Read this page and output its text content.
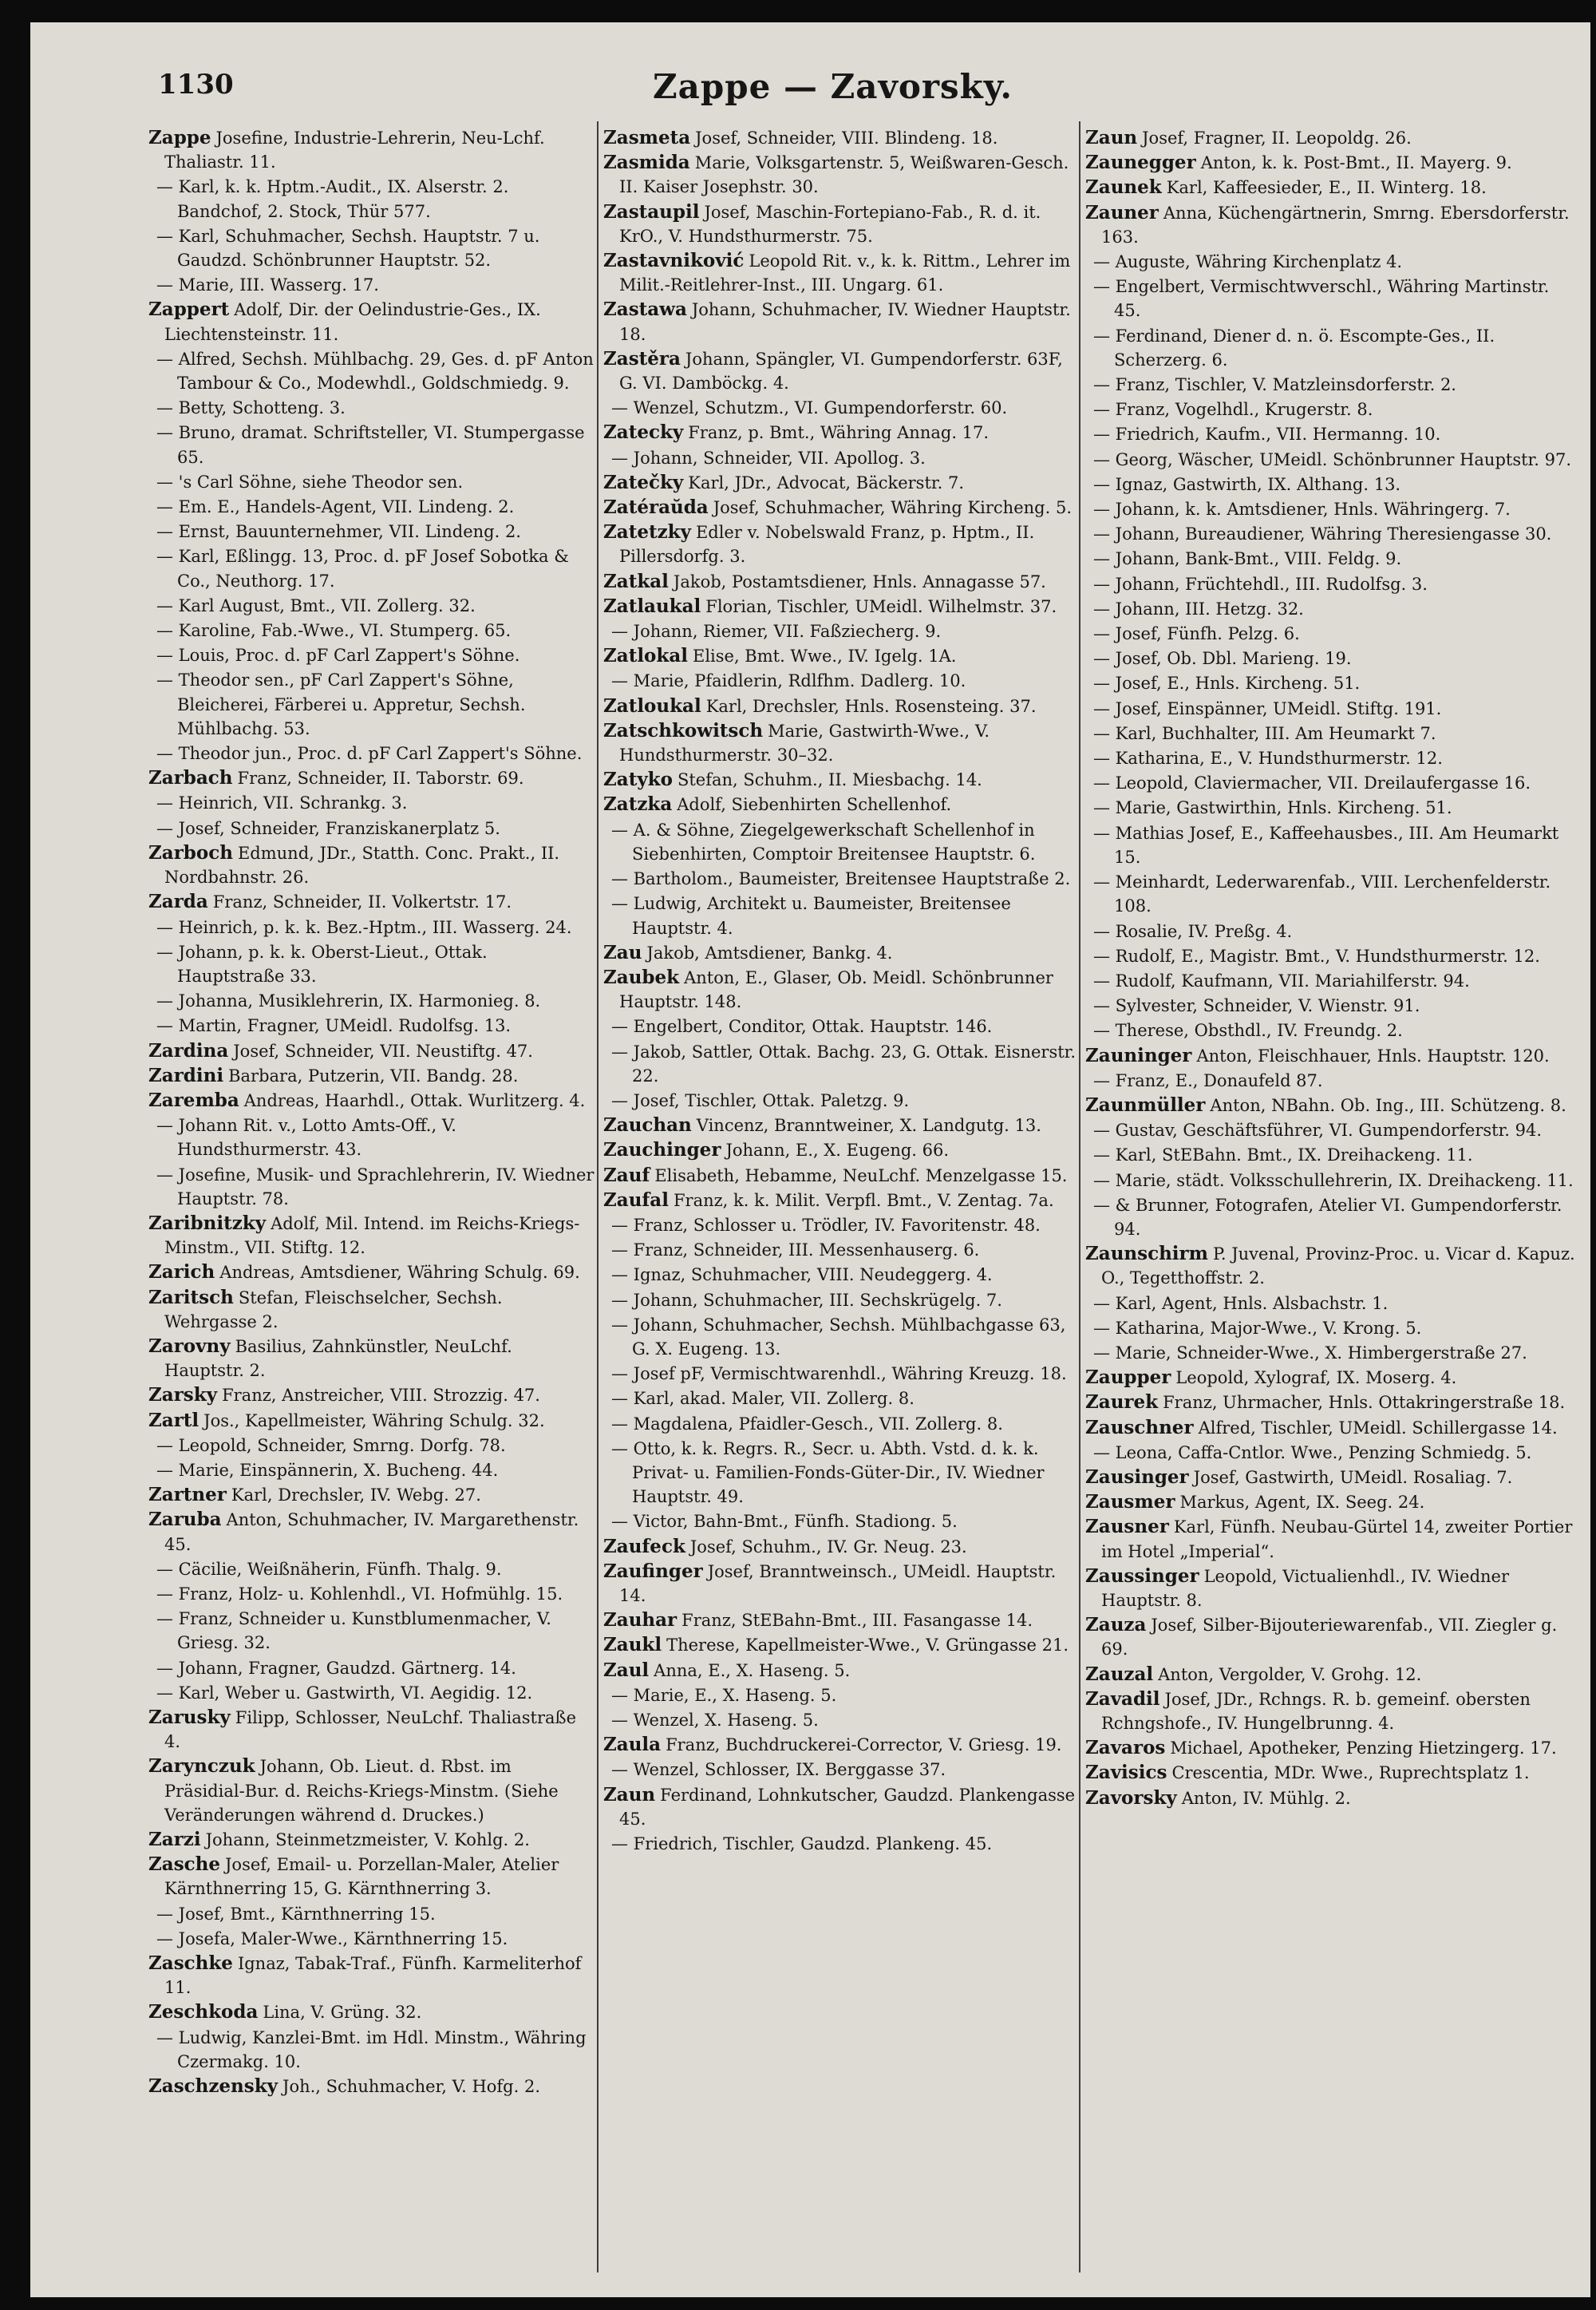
1130	Zappe — Zavorsky.
Zappe Josefine, Industrie-Lehrerin, Neu-Lchf. Thaliastr. 11.
— Karl, k. k. Hptm.-Audit., IX. Alserstr. 2. Bandchof, 2. Stock, Thür 577.
— Karl, Schuhmacher, Sechsh. Hauptstr. 7 u. Gaudzd. Schönbrunner Hauptstr. 52.
— Marie, III. Wasserg. 17.
Zappert Adolf, Dir. der Oelindustrie-Ges., IX. Liechtensteinstr. 11.
— Alfred, Sechsh. Mühlbachg. 29, Ges. d. pF Anton Tambour & Co., Modewhdl., Goldschmiedg. 9.
— Betty, Schotteng. 3.
— Bruno, dramat. Schriftsteller, VI. Stumpergasse 65.
— 's Carl Söhne, siehe Theodor sen.
— Em. E., Handels-Agent, VII. Lindeng. 2.
— Ernst, Bauunternehmer, VII. Lindeng. 2.
— Karl, Eßlingg. 13, Proc. d. pF Josef Sobotka & Co., Neuthorg. 17.
— Karl August, Bmt., VII. Zollerg. 32.
— Karoline, Fab.-Wwe., VI. Stumperg. 65.
— Louis, Proc. d. pF Carl Zappert's Söhne.
— Theodor sen., pF Carl Zappert's Söhne, Bleicherei, Färberei u. Appretur, Sechsh. Mühlbachg. 53.
— Theodor jun., Proc. d. pF Carl Zappert's Söhne.
Zarbach Franz, Schneider, II. Taborstr. 69.
— Heinrich, VII. Schrankg. 3.
— Josef, Schneider, Franziskanerplatz 5.
Zarboch Edmund, JDr., Statth. Conc. Prakt., II. Nordbahnstr. 26.
Zarda Franz, Schneider, II. Volkertstr. 17.
— Heinrich, p. k. k. Bez.-Hptm., III. Wasserg. 24.
— Johann, p. k. k. Oberst-Lieut., Ottak. Hauptstraße 33.
— Johanna, Musiklehrerin, IX. Harmonieg. 8.
— Martin, Fragner, UMeidl. Rudolfsg. 13.
Zardina Josef, Schneider, VII. Neustiftg. 47.
Zardini Barbara, Putzerin, VII. Bandg. 28.
Zaremba Andreas, Haarhdl., Ottak. Wurlitzerg. 4.
— Johann Rit. v., Lotto Amts-Off., V. Hundsthurmerstr. 43.
— Josefine, Musik- und Sprachlehrerin, IV. Wiedner Hauptstr. 78.
Zaribnitzky Adolf, Mil. Intend. im Reichs-Kriegs-Minstm., VII. Stiftg. 12.
Zarich Andreas, Amtsdiener, Währing Schulg. 69.
Zaritsch Stefan, Fleischselcher, Sechsh. Wehrgasse 2.
Zarovny Basilius, Zahnkünstler, NeuLchf. Hauptstr. 2.
Zarsky Franz, Anstreicher, VIII. Strozzig. 47.
Zartl Jos., Kapellmeister, Währing Schulg. 32.
— Leopold, Schneider, Smrng. Dorfg. 78.
— Marie, Einspännerin, X. Bucheng. 44.
Zartner Karl, Drechsler, IV. Webg. 27.
Zaruba Anton, Schuhmacher, IV. Margarethenstr. 45.
— Cäcilie, Weißnäherin, Fünfh. Thalg. 9.
— Franz, Holz- u. Kohlenhdl., VI. Hofmühlg. 15.
— Franz, Schneider u. Kunstblumenmacher, V. Griesg. 32.
— Johann, Fragner, Gaudzd. Gärtnerg. 14.
— Karl, Weber u. Gastwirth, VI. Aegidig. 12.
Zarusky Filipp, Schlosser, NeuLchf. Thaliastraße 4.
Zarynczuk Johann, Ob. Lieut. d. Rbst. im Präsidial-Bur. d. Reichs-Kriegs-Minstm. (Siehe Veränderungen während d. Druckes.)
Zarzi Johann, Steinmetzmeister, V. Kohlg. 2.
Zasche Josef, Email- u. Porzellan-Maler, Atelier Kärnthnerring 15, G. Kärnthnerring 3.
— Josef, Bmt., Kärnthnerring 15.
— Josefa, Maler-Wwe., Kärnthnerring 15.
Zaschke Ignaz, Tabak-Traf., Fünfh. Karmeliterhof 11.
Zeschkoda Lina, V. Grüng. 32.
— Ludwig, Kanzlei-Bmt. im Hdl. Minstm., Währing Czermakg. 10.
Zaschzensky Joh., Schuhmacher, V. Hofg. 2.
Zasmeta Josef, Schneider, VIII. Blindeng. 18.
Zasmida Marie, Volksgartenstr. 5, Weißwaren-Gesch. II. Kaiser Josephstr. 30.
Zastaupil Josef, Maschin-Fortepiano-Fab., R. d. it. KrO., V. Hundsthurmerstr. 75.
Zastavniković Leopold Rit. v., k. k. Rittm., Lehrer im Milit.-Reitlehrer-Inst., III. Ungarg. 61.
Zastawa Johann, Schuhmacher, IV. Wiedner Hauptstr. 18.
Zastěra Johann, Spängler, VI. Gumpendorferstr. 63F, G. VI. Damböckg. 4.
— Wenzel, Schutzm., VI. Gumpendorferstr. 60.
Zatecky Franz, p. Bmt., Währing Annag. 17.
— Johann, Schneider, VII. Apollog. 3.
Zatečky Karl, JDr., Advocat, Bäckerstr. 7.
Zatéraŭda Josef, Schuhmacher, Währing Kircheng. 5.
Zatetzky Edler v. Nobelswald Franz, p. Hptm., II. Pillersdorfg. 3.
Zatkal Jakob, Postamtsdiener, Hnls. Annagasse 57.
Zatlaukal Florian, Tischler, UMeidl. Wilhelmstr. 37.
— Johann, Riemer, VII. Faßziecherg. 9.
Zatlokal Elise, Bmt. Wwe., IV. Igelg. 1A.
— Marie, Pfaidlerin, Rdlfhm. Dadlerg. 10.
Zatloukal Karl, Drechsler, Hnls. Rosensteing. 37.
Zatschkowitsch Marie, Gastwirth-Wwe., V. Hundsthurmerstr. 30–32.
Zatyko Stefan, Schuhm., II. Miesbachg. 14.
Zatzka Adolf, Siebenhirten Schellenhof.
— A. & Söhne, Ziegelgewerkschaft Schellenhof in Siebenhirten, Comptoir Breitensee Hauptstr. 6.
— Bartholom., Baumeister, Breitensee Hauptstraße 2.
— Ludwig, Architekt u. Baumeister, Breitensee Hauptstr. 4.
Zau Jakob, Amtsdiener, Bankg. 4.
Zaubek Anton, E., Glaser, Ob. Meidl. Schönbrunner Hauptstr. 148.
— Engelbert, Conditor, Ottak. Hauptstr. 146.
— Jakob, Sattler, Ottak. Bachg. 23, G. Ottak. Eisnerstr. 22.
— Josef, Tischler, Ottak. Paletzg. 9.
Zauchan Vincenz, Branntweiner, X. Landgutg. 13.
Zauchinger Johann, E., X. Eugeng. 66.
Zauf Elisabeth, Hebamme, NeuLchf. Menzelgasse 15.
Zaufal Franz, k. k. Milit. Verpfl. Bmt., V. Zentag. 7a.
— Franz, Schlosser u. Trödler, IV. Favoritenstr. 48.
— Franz, Schneider, III. Messenhauserg. 6.
— Ignaz, Schuhmacher, VIII. Neudeggerg. 4.
— Johann, Schuhmacher, III. Sechskrügelg. 7.
— Johann, Schuhmacher, Sechsh. Mühlbachgasse 63, G. X. Eugeng. 13.
— Josef pF, Vermischtwarenhdl., Währing Kreuzg. 18.
— Karl, akad. Maler, VII. Zollerg. 8.
— Magdalena, Pfaidler-Gesch., VII. Zollerg. 8.
— Otto, k. k. Regrs. R., Secr. u. Abth. Vstd. d. k. k. Privat- u. Familien-Fonds-Güter-Dir., IV. Wiedner Hauptstr. 49.
— Victor, Bahn-Bmt., Fünfh. Stadiong. 5.
Zaufeck Josef, Schuhm., IV. Gr. Neug. 23.
Zaufinger Josef, Branntweinsch., UMeidl. Hauptstr. 14.
Zauhar Franz, StEBahn-Bmt., III. Fasangasse 14.
Zaukl Therese, Kapellmeister-Wwe., V. Grüngasse 21.
Zaul Anna, E., X. Haseng. 5.
— Marie, E., X. Haseng. 5.
— Wenzel, X. Haseng. 5.
Zaula Franz, Buchdruckerei-Corrector, V. Griesg. 19.
— Wenzel, Schlosser, IX. Berggasse 37.
Zaun Ferdinand, Lohnkutscher, Gaudzd. Plankengasse 45.
— Friedrich, Tischler, Gaudzd. Plankeng. 45.
Zaun Josef, Fragner, II. Leopoldg. 26.
Zaunegger Anton, k. k. Post-Bmt., II. Mayerg. 9.
Zaunek Karl, Kaffeesieder, E., II. Winterg. 18.
Zauner Anna, Küchengärtnerin, Smrng. Ebersdorferstr. 163.
— Auguste, Währing Kirchenplatz 4.
— Engelbert, Vermischtwverschl., Währing Martinstr. 45.
— Ferdinand, Diener d. n. ö. Escompte-Ges., II. Scherzerg. 6.
— Franz, Tischler, V. Matzleinsdorferstr. 2.
— Franz, Vogelhdl., Krugerstr. 8.
— Friedrich, Kaufm., VII. Hermanng. 10.
— Georg, Wäscher, UMeidl. Schönbrunner Hauptstr. 97.
— Ignaz, Gastwirth, IX. Althang. 13.
— Johann, k. k. Amtsdiener, Hnls. Währingerg. 7.
— Johann, Bureaudiener, Währing Theresiengasse 30.
— Johann, Bank-Bmt., VIII. Feldg. 9.
— Johann, Früchtehdl., III. Rudolfsg. 3.
— Johann, III. Hetzg. 32.
— Josef, Fünfh. Pelzg. 6.
— Josef, Ob. Dbl. Marieng. 19.
— Josef, E., Hnls. Kircheng. 51.
— Josef, Einspänner, UMeidl. Stiftg. 191.
— Karl, Buchhalter, III. Am Heumarkt 7.
— Katharina, E., V. Hundsthurmerstr. 12.
— Leopold, Claviermacher, VII. Dreilaufergasse 16.
— Marie, Gastwirthin, Hnls. Kircheng. 51.
— Mathias Josef, E., Kaffeehausbes., III. Am Heumarkt 15.
— Meinhardt, Lederwarenfab., VIII. Lerchenfelderstr. 108.
— Rosalie, IV. Preßg. 4.
— Rudolf, E., Magistr. Bmt., V. Hundsthurmerstr. 12.
— Rudolf, Kaufmann, VII. Mariahilferstr. 94.
— Sylvester, Schneider, V. Wienstr. 91.
— Therese, Obsthdl., IV. Freundg. 2.
Zauninger Anton, Fleischhauer, Hnls. Hauptstr. 120.
— Franz, E., Donaufeld 87.
Zaunmüller Anton, NBahn. Ob. Ing., III. Schützeng. 8.
— Gustav, Geschäftsführer, VI. Gumpendorferstr. 94.
— Karl, StEBahn. Bmt., IX. Dreihackeng. 11.
— Marie, städt. Volksschullehrerin, IX. Dreihackeng. 11.
— & Brunner, Fotografen, Atelier VI. Gumpendorferstr. 94.
Zaunschirm P. Juvenal, Provinz-Proc. u. Vicar d. Kapuz. O., Tegetthoffstr. 2.
— Karl, Agent, Hnls. Alsbachstr. 1.
— Katharina, Major-Wwe., V. Krong. 5.
— Marie, Schneider-Wwe., X. Himbergerstraße 27.
Zaupper Leopold, Xylograf, IX. Moserg. 4.
Zaurek Franz, Uhrmacher, Hnls. Ottakringerstraße 18.
Zauschner Alfred, Tischler, UMeidl. Schillergasse 14.
— Leona, Caffa-Cntlor. Wwe., Penzing Schmiedg. 5.
Zausinger Josef, Gastwirth, UMeidl. Rosaliag. 7.
Zausmer Markus, Agent, IX. Seeg. 24.
Zausner Karl, Fünfh. Neubau-Gürtel 14, zweiter Portier im Hotel „Imperial“.
Zaussinger Leopold, Victualienhdl., IV. Wiedner Hauptstr. 8.
Zauza Josef, Silber-Bijouteriewarenfab., VII. Ziegler g. 69.
Zauzal Anton, Vergolder, V. Grohg. 12.
Zavadil Josef, JDr., Rchngs. R. b. gemeinf. obersten Rchngshofe., IV. Hungelbrunng. 4.
Zavaros Michael, Apotheker, Penzing Hietzingerg. 17.
Zavisics Crescentia, MDr. Wwe., Ruprechtsplatz 1.
Zavorsky Anton, IV. Mühlg. 2.
